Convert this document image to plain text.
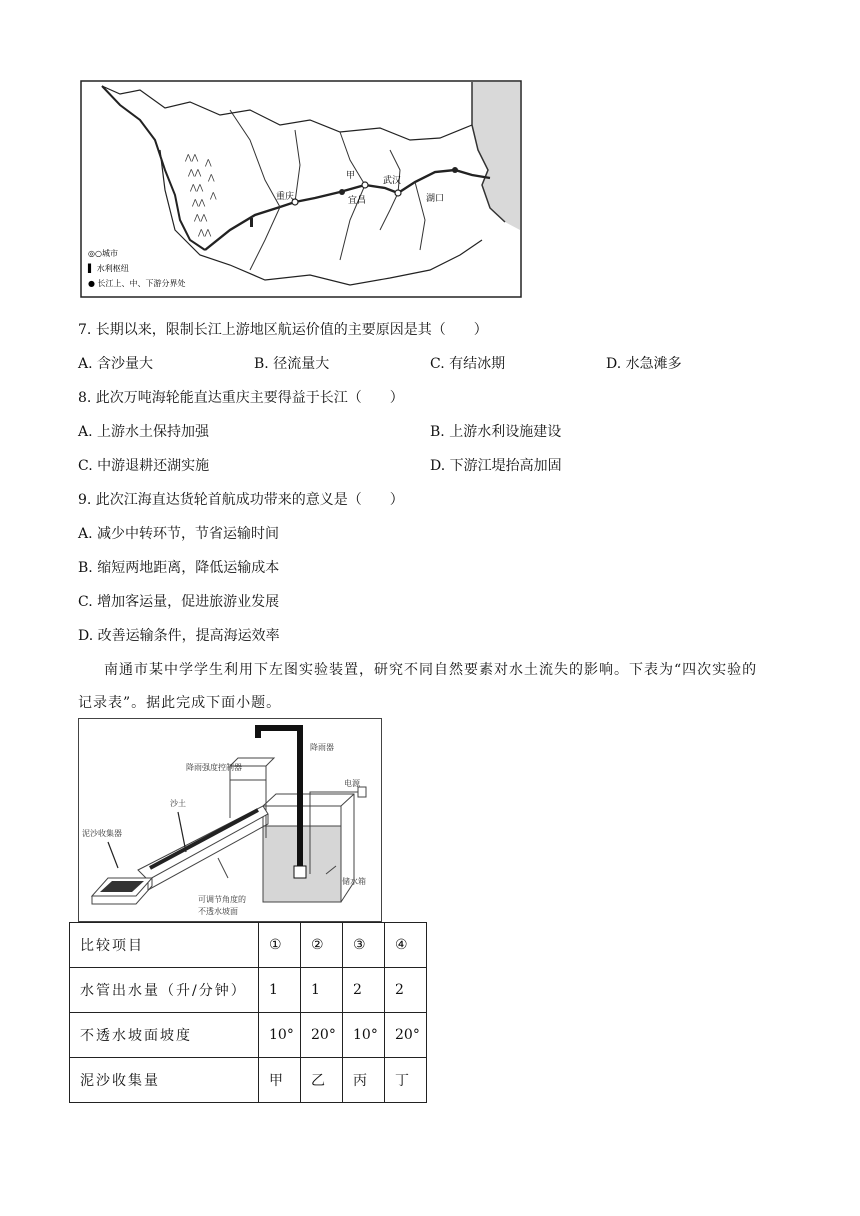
⋀⋀
⋀⋀
⋀⋀
⋀⋀
⋀⋀
⋀⋀
⋀
⋀
⋀	重庆	宜昌
武汉
湖口
甲
◎○城市
▌ 水利枢纽
● 长江上、中、下游分界处
7. 长期以来，限制长江上游地区航运价值的主要原因是其（　　）
A. 含沙量大	B. 径流量大	C. 有结冰期	D. 水急滩多
8. 此次万吨海轮能直达重庆主要得益于长江（　　）
A. 上游水土保持加强	B. 上游水利设施建设
C. 中游退耕还湖实施	D. 下游江堤抬高加固
9. 此次江海直达货轮首航成功带来的意义是（　　）
A. 减少中转环节，节省运输时间
B. 缩短两地距离，降低运输成本
C. 增加客运量，促进旅游业发展
D. 改善运输条件，提高海运效率
南通市某中学学生利用下左图实验装置，研究不同自然要素对水土流失的影响。下表为“四次实验的
记录表”。据此完成下面小题。
降雨器
降雨强度控制器
电源
沙土
泥沙收集器
可调节角度的
不透水坡面
储水箱
比较项目	①	②	③	④
水管出水量（升/分钟）	1	1	2	2
不透水坡面坡度	10°	20°	10°	20°
泥沙收集量	甲	乙	丙	丁
